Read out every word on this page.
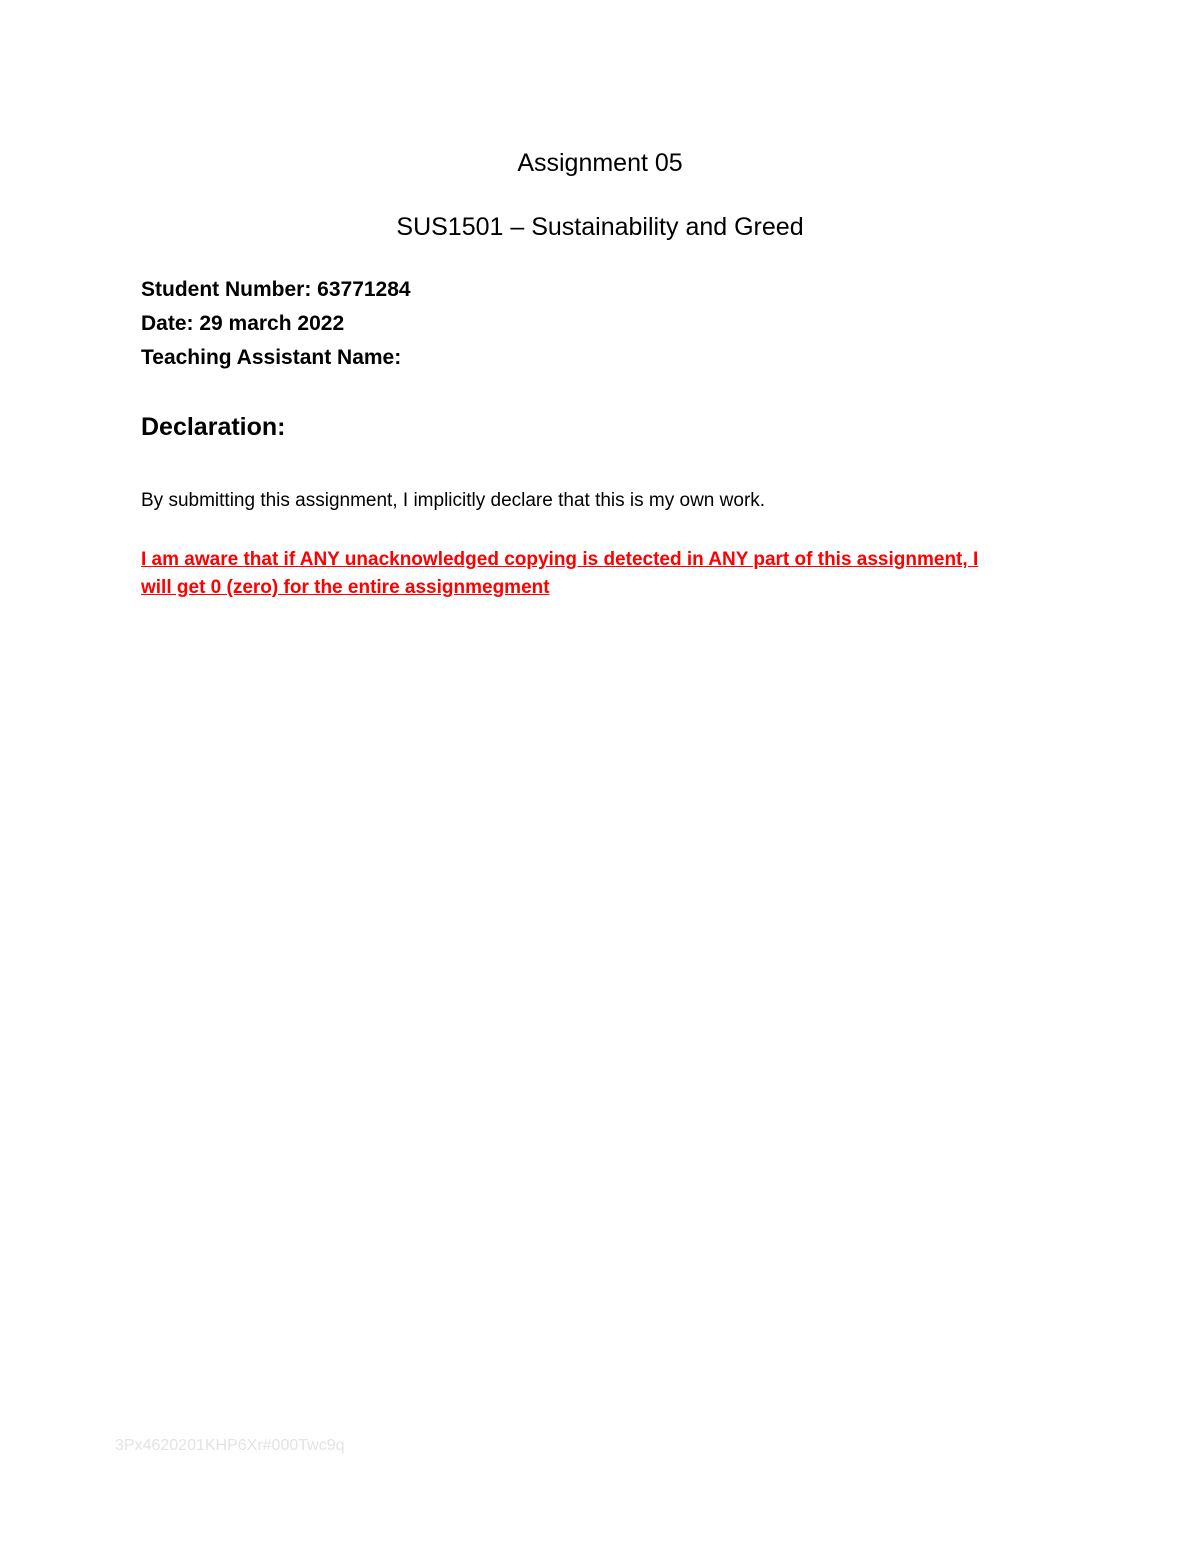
Assignment 05
SUS1501 – Sustainability and Greed
Student Number: 63771284
Date: 29 march 2022
Teaching Assistant Name:
Declaration:
By submitting this assignment, I implicitly declare that this is my own work.
I am aware that if ANY unacknowledged copying is detected in ANY part of this assignment, I
will get 0 (zero) for the entire assignmegment
3Px4620201KHP6Xr#000Twc9q
